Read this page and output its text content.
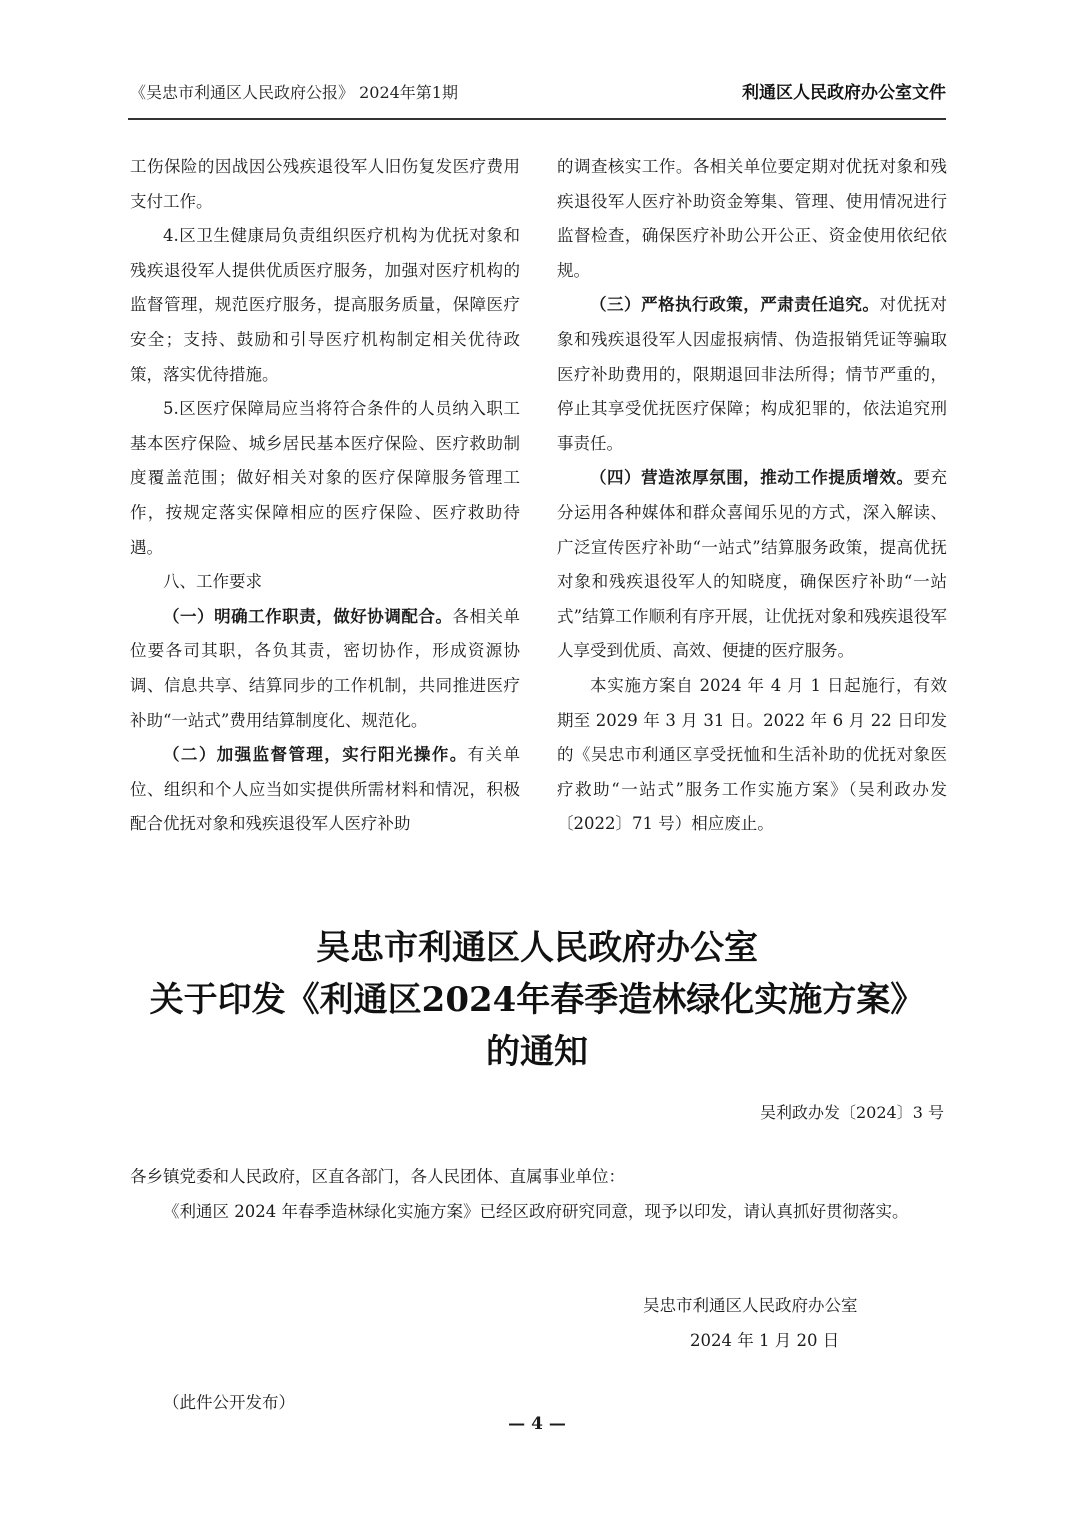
《吴忠市利通区人民政府公报》 2024年第1期	利通区人民政府办公室文件

工伤保险的因战因公残疾退役军人旧伤复发医疗费用支付工作。

4.区卫生健康局负责组织医疗机构为优抚对象和残疾退役军人提供优质医疗服务，加强对医疗机构的监督管理，规范医疗服务，提高服务质量，保障医疗安全；支持、鼓励和引导医疗机构制定相关优待政策，落实优待措施。

5.区医疗保障局应当将符合条件的人员纳入职工基本医疗保险、城乡居民基本医疗保险、医疗救助制度覆盖范围；做好相关对象的医疗保障服务管理工作，按规定落实保障相应的医疗保险、医疗救助待遇。

八、工作要求

（一）明确工作职责，做好协调配合。各相关单位要各司其职，各负其责，密切协作，形成资源协调、信息共享、结算同步的工作机制，共同推进医疗补助“一站式”费用结算制度化、规范化。

（二）加强监督管理，实行阳光操作。有关单位、组织和个人应当如实提供所需材料和情况，积极配合优抚对象和残疾退役军人医疗补助

的调查核实工作。各相关单位要定期对优抚对象和残疾退役军人医疗补助资金筹集、管理、使用情况进行监督检查，确保医疗补助公开公正、资金使用依纪依规。

（三）严格执行政策，严肃责任追究。对优抚对象和残疾退役军人因虚报病情、伪造报销凭证等骗取医疗补助费用的，限期退回非法所得；情节严重的，停止其享受优抚医疗保障；构成犯罪的，依法追究刑事责任。

（四）营造浓厚氛围，推动工作提质增效。要充分运用各种媒体和群众喜闻乐见的方式，深入解读、广泛宣传医疗补助“一站式”结算服务政策，提高优抚对象和残疾退役军人的知晓度，确保医疗补助“一站式”结算工作顺利有序开展，让优抚对象和残疾退役军人享受到优质、高效、便捷的医疗服务。

本实施方案自 2024 年 4 月 1 日起施行，有效期至 2029 年 3 月 31 日。2022 年 6 月 22 日印发的《吴忠市利通区享受抚恤和生活补助的优抚对象医疗救助“一站式”服务工作实施方案》（吴利政办发〔2022〕71 号）相应废止。

吴忠市利通区人民政府办公室
关于印发《利通区2024年春季造林绿化实施方案》
的通知
吴利政办发〔2024〕3 号
各乡镇党委和人民政府，区直各部门，各人民团体、直属事业单位：
《利通区 2024 年春季造林绿化实施方案》已经区政府研究同意，现予以印发，请认真抓好贯彻落实。
吴忠市利通区人民政府办公室
2024 年 1 月 20 日
（此件公开发布）
— 4 —
